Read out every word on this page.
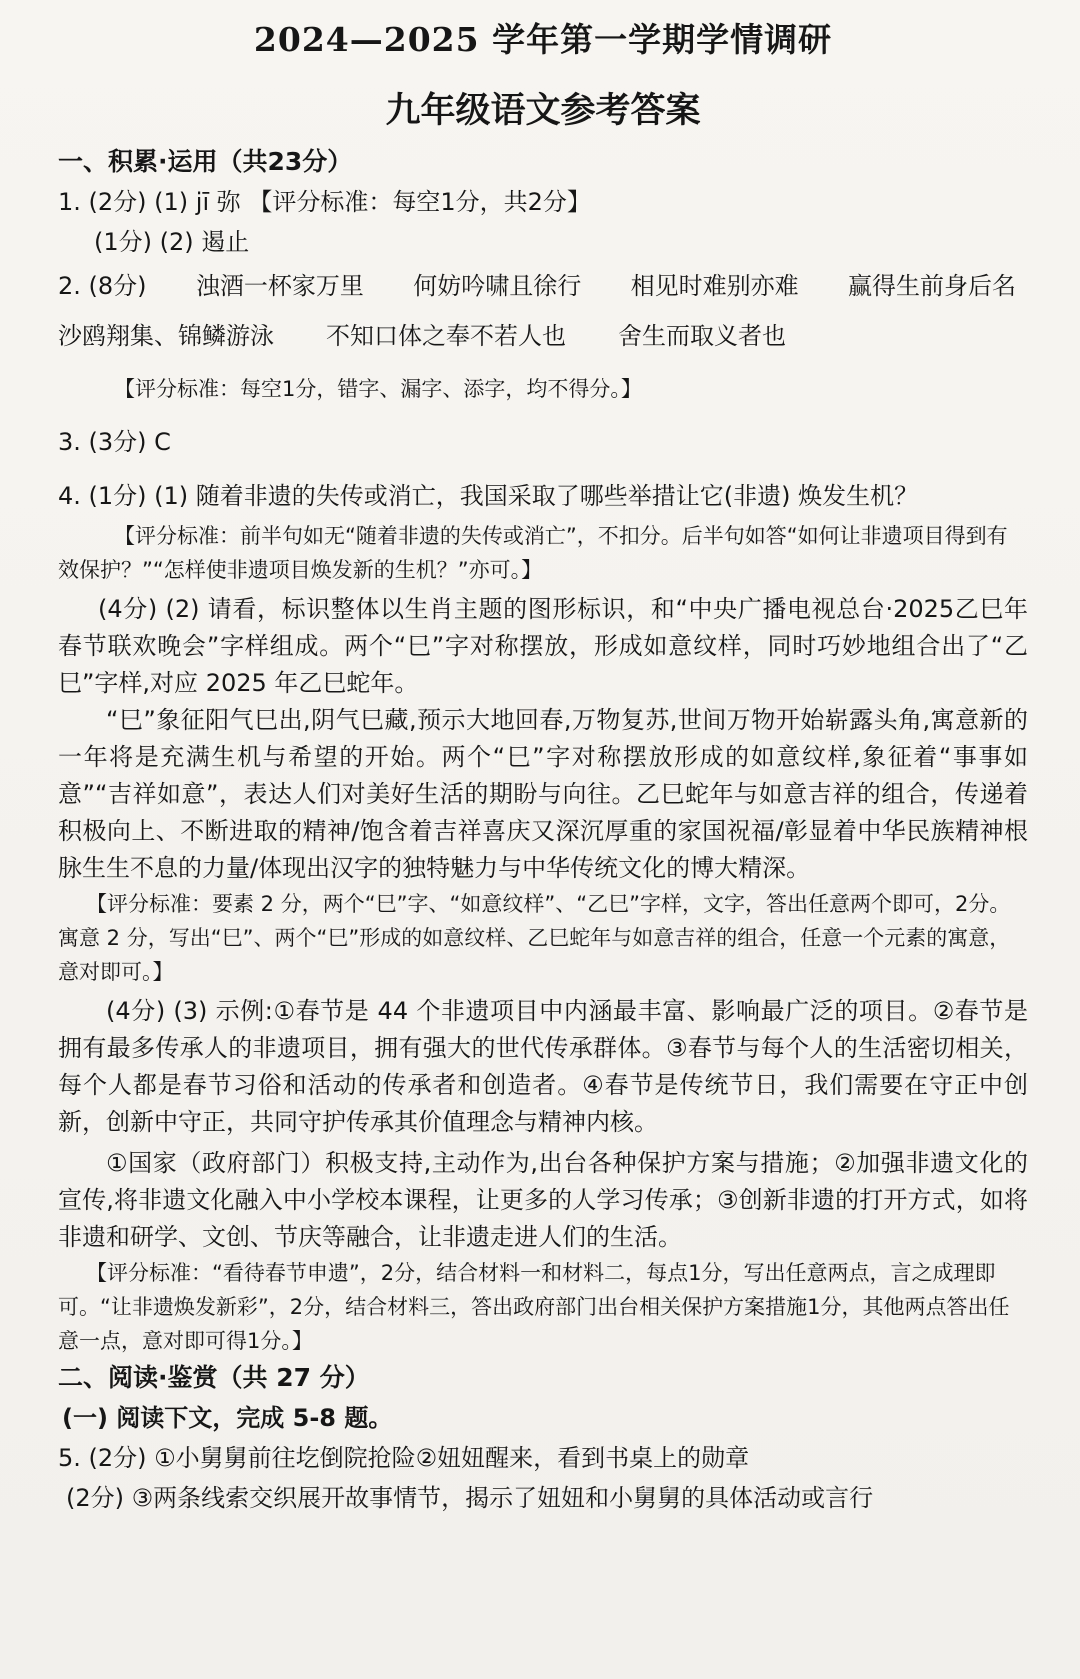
2024—2025 学年第一学期学情调研
九年级语文参考答案

一、积累·运用（共23分）

1. (2分) (1) jī 弥 【评分标准：每空1分，共2分】

(1分) (2) 遏止

2. (8分) 浊酒一杯家万里 何妨吟啸且徐行 相见时难别亦难 赢得生前身后名
沙鸥翔集、锦鳞游泳 不知口体之奉不若人也 舍生而取义者也

【评分标准：每空1分，错字、漏字、添字，均不得分。】

3. (3分) C

4. (1分) (1) 随着非遗的失传或消亡，我国采取了哪些举措让它(非遗) 焕发生机？

【评分标准：前半句如无“随着非遗的失传或消亡”，不扣分。后半句如答“如何让非遗项目得到有效保护？”“怎样使非遗项目焕发新的生机？”亦可。】

(4分) (2) 请看，标识整体以生肖主题的图形标识，和“中央广播电视总台·2025乙巳年春节联欢晚会”字样组成。两个“巳”字对称摆放，形成如意纹样，同时巧妙地组合出了“乙巳”字样,对应 2025 年乙巳蛇年。

“巳”象征阳气巳出,阴气巳藏,预示大地回春,万物复苏,世间万物开始崭露头角,寓意新的一年将是充满生机与希望的开始。两个“巳”字对称摆放形成的如意纹样,象征着“事事如意”“吉祥如意”，表达人们对美好生活的期盼与向往。乙巳蛇年与如意吉祥的组合，传递着积极向上、不断进取的精神/饱含着吉祥喜庆又深沉厚重的家国祝福/彰显着中华民族精神根脉生生不息的力量/体现出汉字的独特魅力与中华传统文化的博大精深。

【评分标准：要素 2 分，两个“巳”字、“如意纹样”、“乙巳”字样，文字，答出任意两个即可，2分。寓意 2 分，写出“巳”、两个“巳”形成的如意纹样、乙巳蛇年与如意吉祥的组合，任意一个元素的寓意，意对即可。】

(4分) (3) 示例:①春节是 44 个非遗项目中内涵最丰富、影响最广泛的项目。②春节是拥有最多传承人的非遗项目，拥有强大的世代传承群体。③春节与每个人的生活密切相关，每个人都是春节习俗和活动的传承者和创造者。④春节是传统节日，我们需要在守正中创新，创新中守正，共同守护传承其价值理念与精神内核。

①国家（政府部门）积极支持,主动作为,出台各种保护方案与措施；②加强非遗文化的宣传,将非遗文化融入中小学校本课程，让更多的人学习传承；③创新非遗的打开方式，如将非遗和研学、文创、节庆等融合，让非遗走进人们的生活。

【评分标准：“看待春节申遗”，2分，结合材料一和材料二，每点1分，写出任意两点，言之成理即可。“让非遗焕发新彩”，2分，结合材料三，答出政府部门出台相关保护方案措施1分，其他两点答出任意一点，意对即可得1分。】

二、阅读·鉴赏（共 27 分）

(一) 阅读下文，完成 5-8 题。

5. (2分) ①小舅舅前往圪倒院抢险②妞妞醒来，看到书桌上的勋章

(2分) ③两条线索交织展开故事情节，揭示了妞妞和小舅舅的具体活动或言行
